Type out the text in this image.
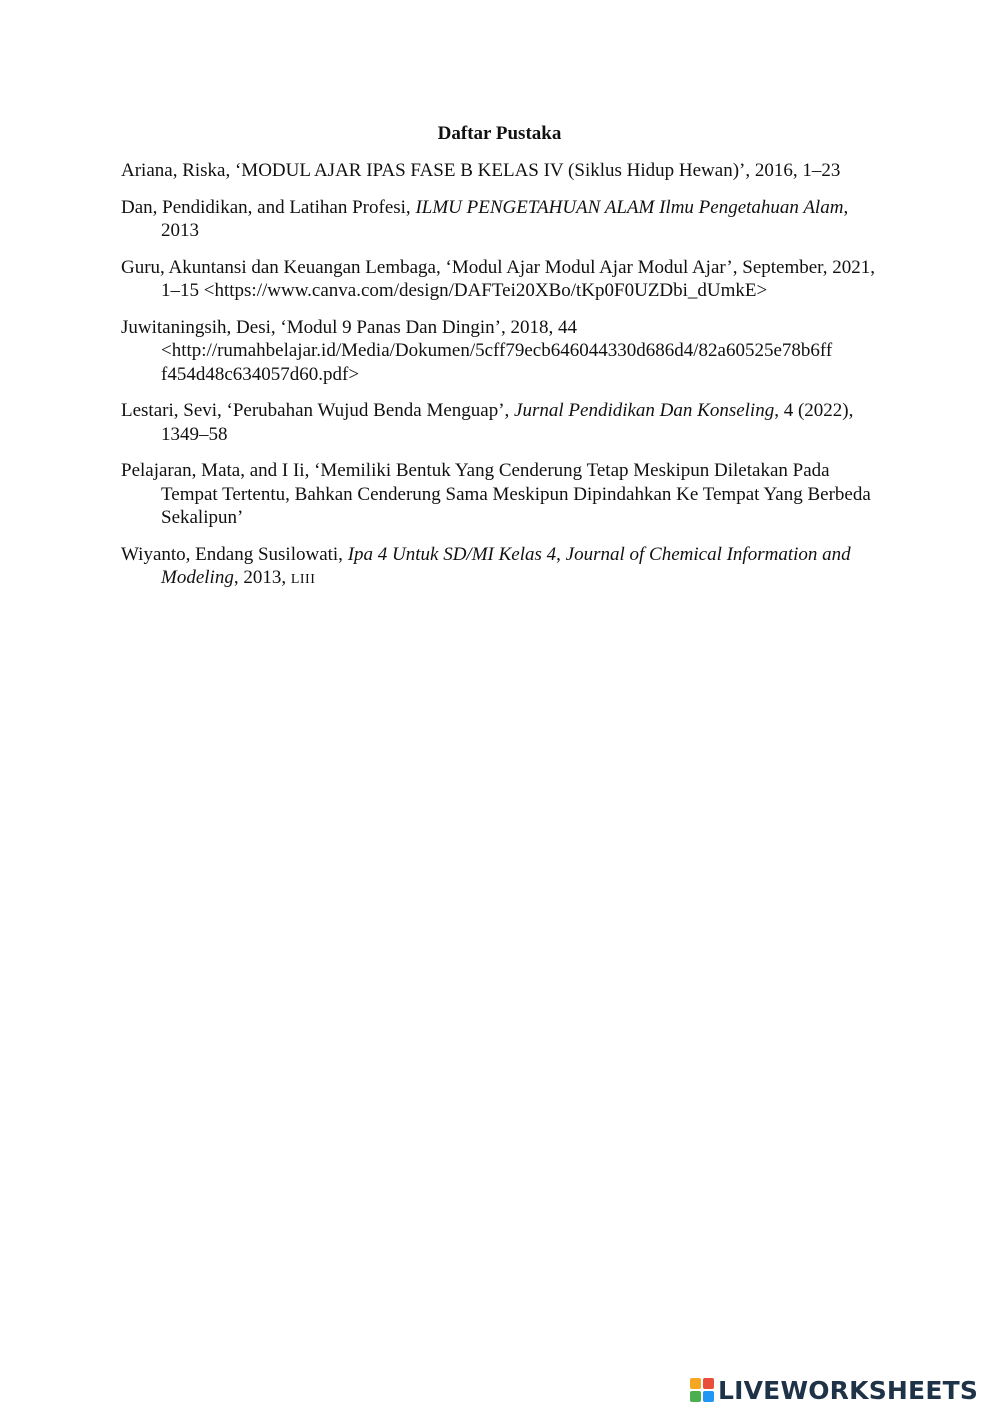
Daftar Pustaka

Ariana, Riska, ‘MODUL AJAR IPAS FASE B KELAS IV (Siklus Hidup Hewan)’, 2016, 1–23

Dan, Pendidikan, and Latihan Profesi, ILMU PENGETAHUAN ALAM Ilmu Pengetahuan Alam, 2013

Guru, Akuntansi dan Keuangan Lembaga, ‘Modul Ajar Modul Ajar Modul Ajar’, September, 2021, 1–15 <https://www.canva.com/design/DAFTei20XBo/tKp0F0UZDbi_dUmkE>

Juwitaningsih, Desi, ‘Modul 9 Panas Dan Dingin’, 2018, 44 <http://rumahbelajar.id/Media/Dokumen/5cff79ecb646044330d686d4/82a60525e78b6ff f454d48c634057d60.pdf>

Lestari, Sevi, ‘Perubahan Wujud Benda Menguap’, Jurnal Pendidikan Dan Konseling, 4 (2022), 1349–58

Pelajaran, Mata, and I Ii, ‘Memiliki Bentuk Yang Cenderung Tetap Meskipun Diletakan Pada Tempat Tertentu, Bahkan Cenderung Sama Meskipun Dipindahkan Ke Tempat Yang Berbeda Sekalipun’

Wiyanto, Endang Susilowati, Ipa 4 Untuk SD/MI Kelas 4, Journal of Chemical Information and Modeling, 2013, LIII

LIVEWORKSHEETS
